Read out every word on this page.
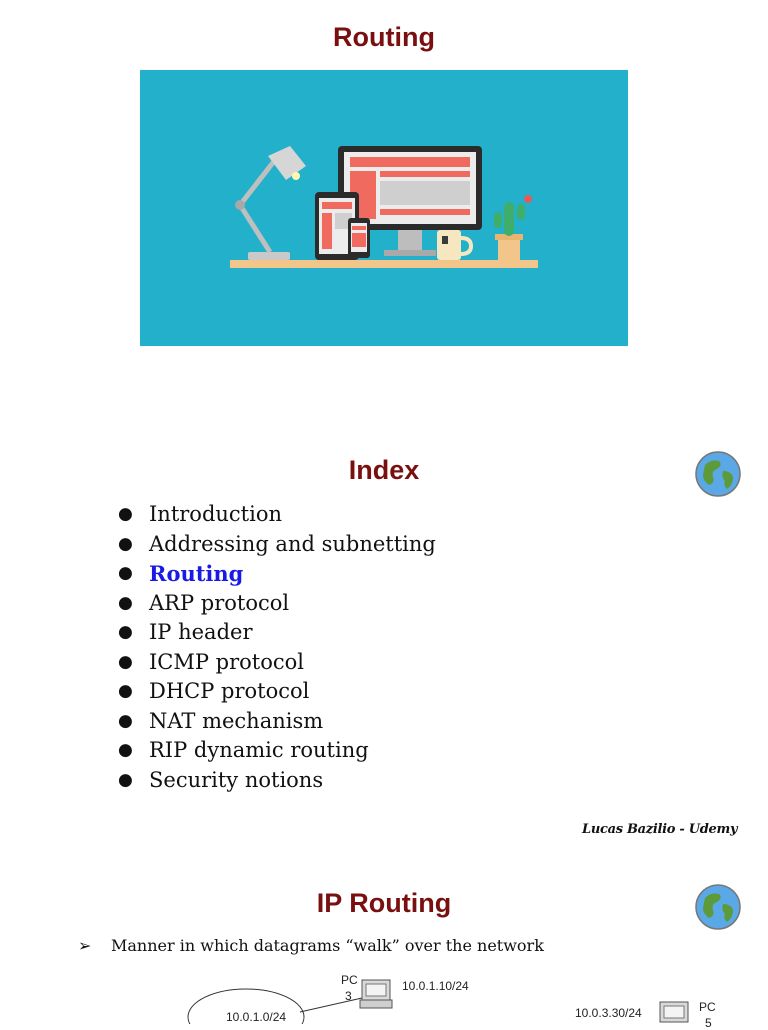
Routing
Index
● Introduction
● Addressing and subnetting
● Routing
● ARP protocol
● IP header
● ICMP protocol
● DHCP protocol
● NAT mechanism
● RIP dynamic routing
● Security notions
Lucas Bazilio - Udemy
IP Routing
➢ Manner in which datagrams “walk” over the network
PC
3
10.0.1.10/24
10.0.1.0/24	10.0.3.30/24	PC
5
